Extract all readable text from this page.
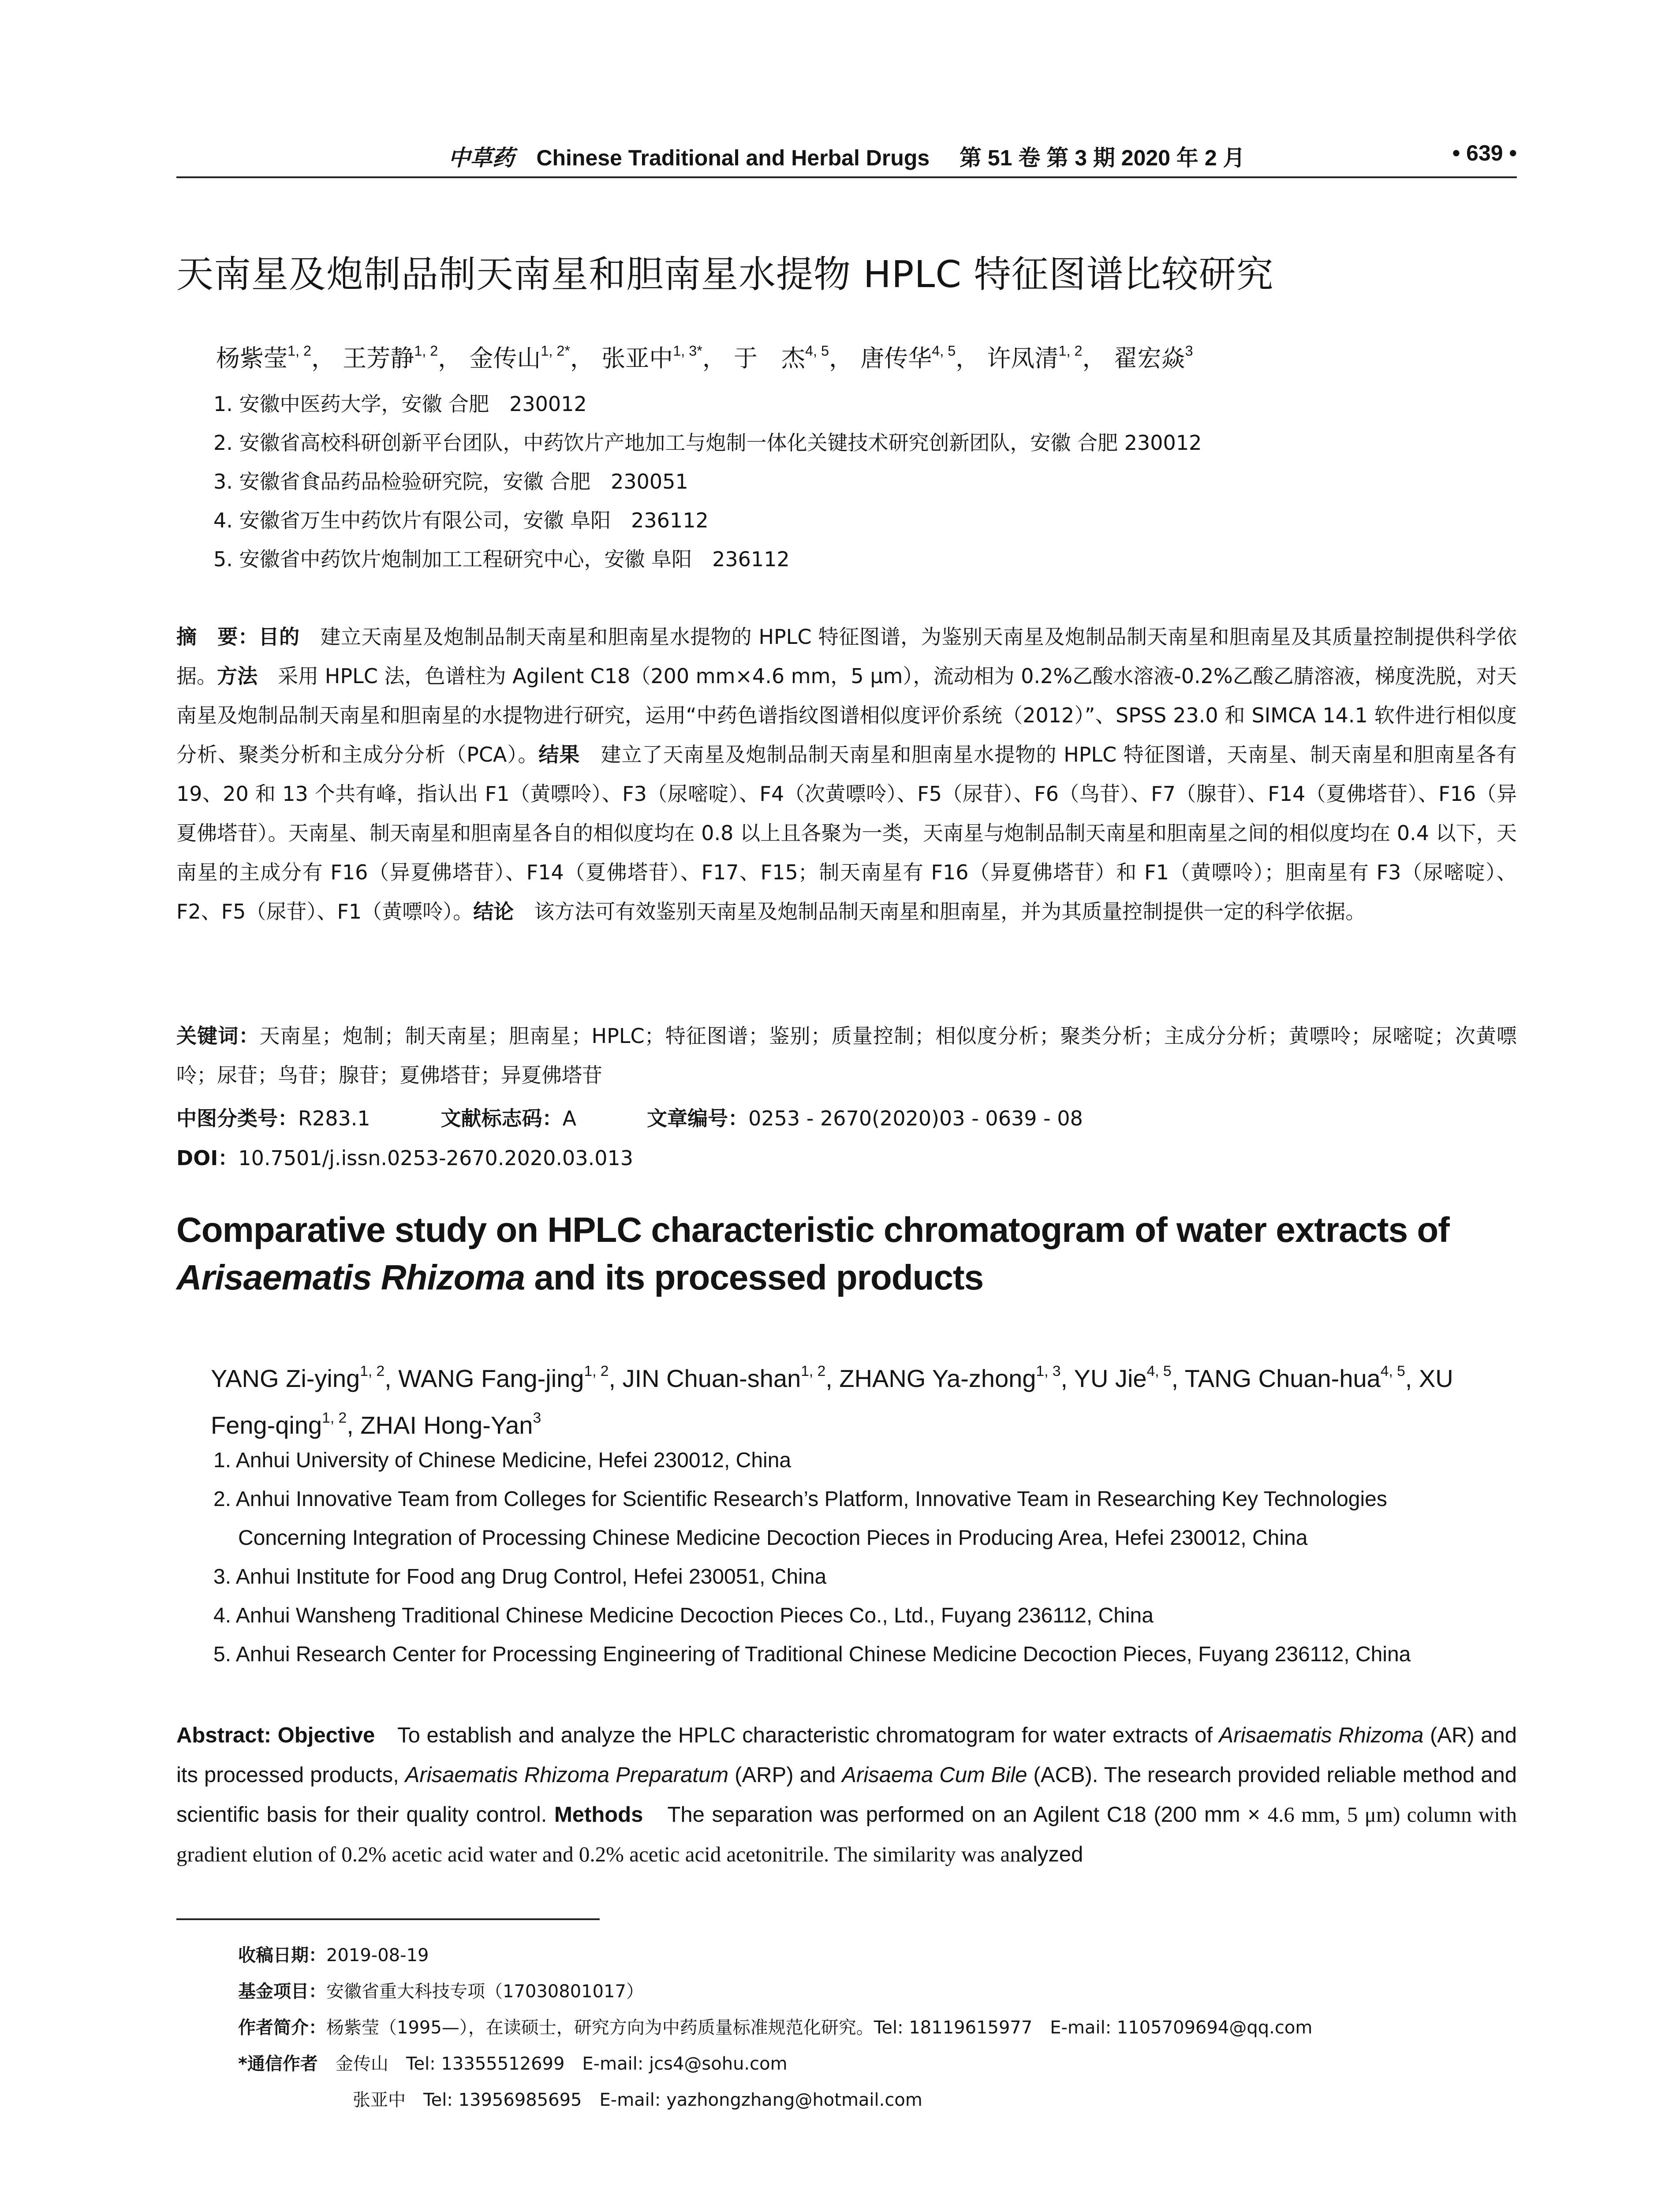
中草药 Chinese Traditional and Herbal Drugs 第 51 卷 第 3 期 2020 年 2 月	• 639 •
天南星及炮制品制天南星和胆南星水提物 HPLC 特征图谱比较研究
杨紫莹$^{1, 2}$， 王芳静$^{1, 2}$， 金传山$^{1, 2*}$， 张亚中$^{1, 3*}$， 于　杰$^{4, 5}$， 唐传华$^{4, 5}$， 许凤清$^{1, 2}$， 翟宏焱$^3$
1. 安徽中医药大学，安徽 合肥　230012
2. 安徽省高校科研创新平台团队，中药饮片产地加工与炮制一体化关键技术研究创新团队，安徽 合肥 230012
3. 安徽省食品药品检验研究院，安徽 合肥　230051
4. 安徽省万生中药饮片有限公司，安徽 阜阳　236112
5. 安徽省中药饮片炮制加工工程研究中心，安徽 阜阳　236112
摘　要：目的　建立天南星及炮制品制天南星和胆南星水提物的 HPLC 特征图谱，为鉴别天南星及炮制品制天南星和胆南星及其质量控制提供科学依据。方法　采用 HPLC 法，色谱柱为 Agilent C18（200 mm×4.6 mm，5 μm），流动相为 0.2%乙酸水溶液-0.2%乙酸乙腈溶液，梯度洗脱，对天南星及炮制品制天南星和胆南星的水提物进行研究，运用“中药色谱指纹图谱相似度评价系统（2012）”、SPSS 23.0 和 SIMCA 14.1 软件进行相似度分析、聚类分析和主成分分析（PCA）。结果　建立了天南星及炮制品制天南星和胆南星水提物的 HPLC 特征图谱，天南星、制天南星和胆南星各有 19、20 和 13 个共有峰，指认出 F1（黄嘌呤）、F3（尿嘧啶）、F4（次黄嘌呤）、F5（尿苷）、F6（鸟苷）、F7（腺苷）、F14（夏佛塔苷）、F16（异夏佛塔苷）。天南星、制天南星和胆南星各自的相似度均在 0.8 以上且各聚为一类，天南星与炮制品制天南星和胆南星之间的相似度均在 0.4 以下，天南星的主成分有 F16（异夏佛塔苷）、F14（夏佛塔苷）、F17、F15；制天南星有 F16（异夏佛塔苷）和 F1（黄嘌呤）；胆南星有 F3（尿嘧啶）、F2、F5（尿苷）、F1（黄嘌呤）。结论　该方法可有效鉴别天南星及炮制品制天南星和胆南星，并为其质量控制提供一定的科学依据。
关键词：天南星；炮制；制天南星；胆南星；HPLC；特征图谱；鉴别；质量控制；相似度分析；聚类分析；主成分分析；黄嘌呤；尿嘧啶；次黄嘌呤；尿苷；鸟苷；腺苷；夏佛塔苷；异夏佛塔苷
中图分类号：R283.1	文献标志码：A	文章编号：0253 - 2670(2020)03 - 0639 - 08
DOI：10.7501/j.issn.0253-2670.2020.03.013
Comparative study on HPLC characteristic chromatogram of water extracts of
Arisaematis Rhizoma and its processed products
YANG Zi-ying$^{1, 2}$, WANG Fang-jing$^{1, 2}$, JIN Chuan-shan$^{1, 2}$, ZHANG Ya-zhong$^{1, 3}$, YU Jie$^{4, 5}$, TANG Chuan-hua$^{4, 5}$, XU Feng-qing$^{1, 2}$, ZHAI Hong-Yan$^3$
1. Anhui University of Chinese Medicine, Hefei 230012, China
2. Anhui Innovative Team from Colleges for Scientific Research’s Platform, Innovative Team in Researching Key Technologies
Concerning Integration of Processing Chinese Medicine Decoction Pieces in Producing Area, Hefei 230012, China
3. Anhui Institute for Food ang Drug Control, Hefei 230051, China
4. Anhui Wansheng Traditional Chinese Medicine Decoction Pieces Co., Ltd., Fuyang 236112, China
5. Anhui Research Center for Processing Engineering of Traditional Chinese Medicine Decoction Pieces, Fuyang 236112, China
Abstract: Objective　To establish and analyze the HPLC characteristic chromatogram for water extracts of Arisaematis Rhizoma (AR) and its processed products, Arisaematis Rhizoma Preparatum (ARP) and Arisaema Cum Bile (ACB). The research provided reliable method and scientific basis for their quality control. Methods　The separation was performed on an Agilent C18 (200 mm × 4.6 mm, 5 μm) column with gradient elution of 0.2% acetic acid water and 0.2% acetic acid acetonitrile. The similarity was analyzed
收稿日期：2019-08-19
基金项目：安徽省重大科技专项（17030801017）
作者简介：杨紫莹（1995—），在读硕士，研究方向为中药质量标准规范化研究。Tel: 18119615977　E-mail: 1105709694@qq.com
*通信作者　金传山　Tel: 13355512699　E-mail: jcs4@sohu.com
张亚中　Tel: 13956985695　E-mail: yazhongzhang@hotmail.com
